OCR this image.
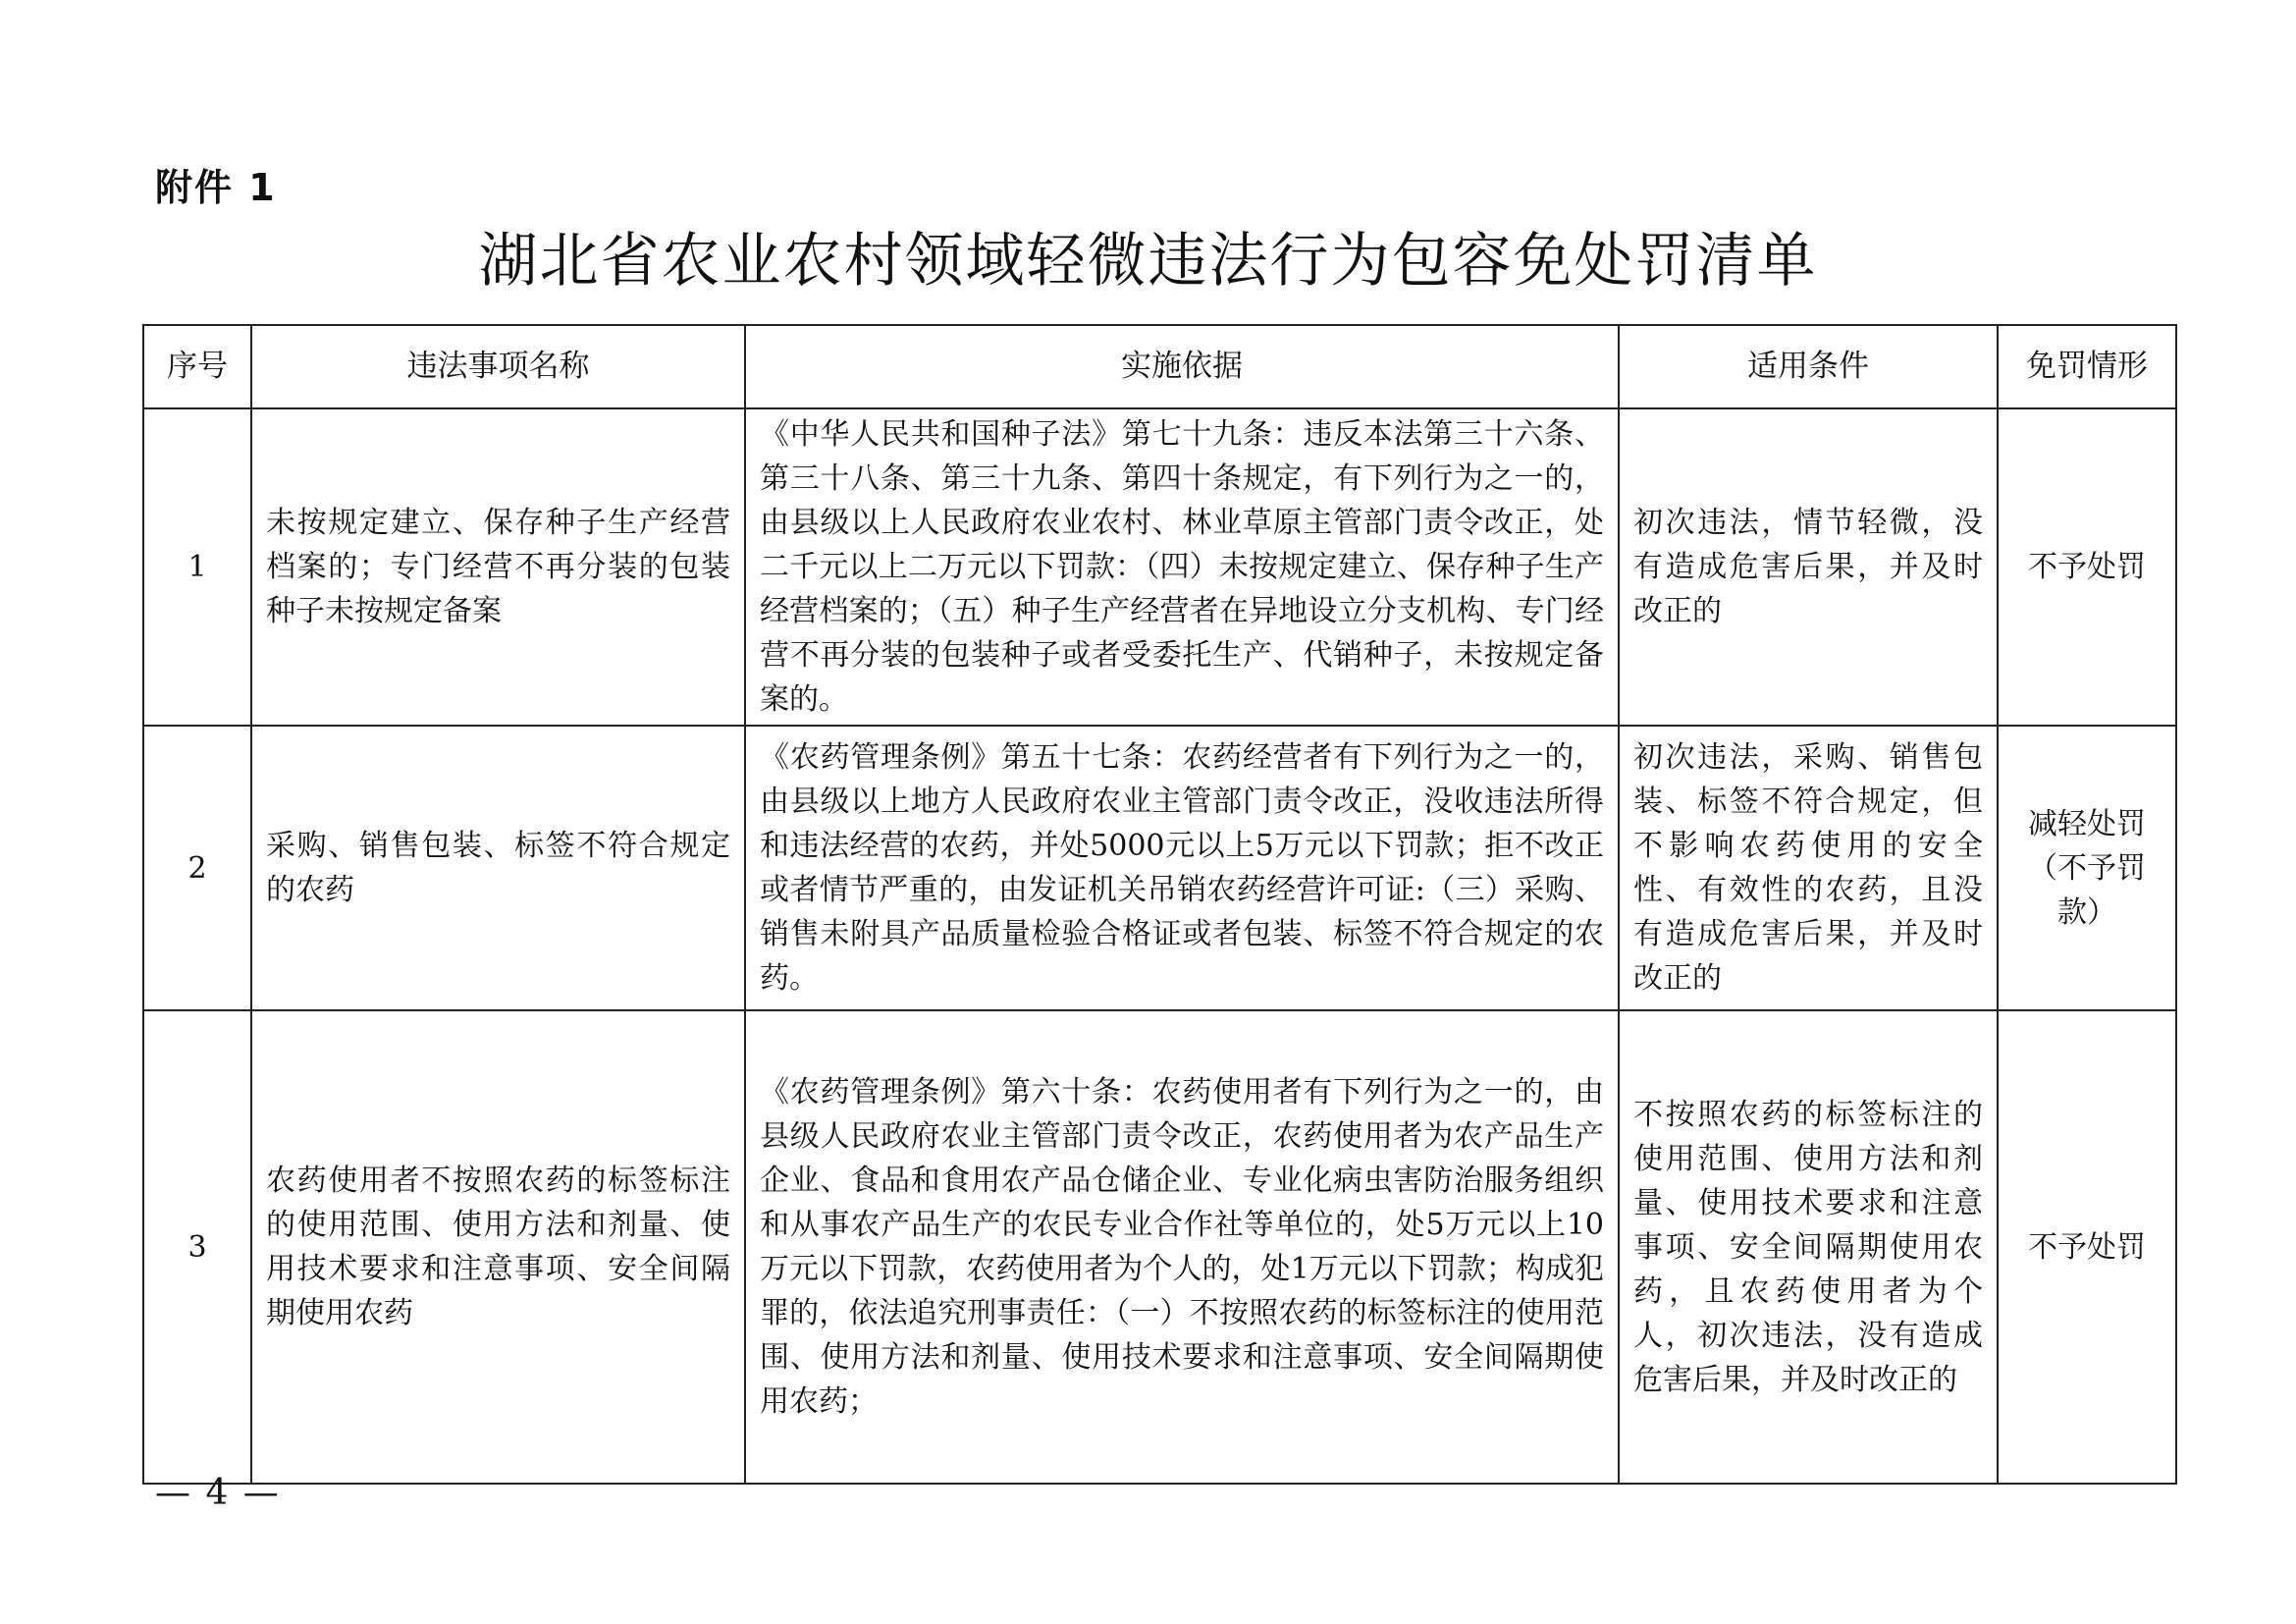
附件 1
湖北省农业农村领域轻微违法行为包容免处罚清单
序号	违法事项名称	实施依据	适用条件	免罚情形
1	未按规定建立、保存种子生产经营档案的；专门经营不再分装的包装种子未按规定备案	《中华人民共和国种子法》第七十九条：违反本法第三十六条、第三十八条、第三十九条、第四十条规定，有下列行为之一的，由县级以上人民政府农业农村、林业草原主管部门责令改正，处二千元以上二万元以下罚款：（四）未按规定建立、保存种子生产经营档案的；（五）种子生产经营者在异地设立分支机构、专门经营不再分装的包装种子或者受委托生产、代销种子，未按规定备案的。	初次违法，情节轻微，没有造成危害后果，并及时改正的	不予处罚
2	采购、销售包装、标签不符合规定的农药	《农药管理条例》第五十七条：农药经营者有下列行为之一的，由县级以上地方人民政府农业主管部门责令改正，没收违法所得和违法经营的农药，并处5000元以上5万元以下罚款；拒不改正或者情节严重的，由发证机关吊销农药经营许可证:（三）采购、销售未附具产品质量检验合格证或者包装、标签不符合规定的农药。	初次违法，采购、销售包装、标签不符合规定，但不影响农药使用的安全性、有效性的农药，且没有造成危害后果，并及时改正的	减轻处罚（不予罚款）
3	农药使用者不按照农药的标签标注的使用范围、使用方法和剂量、使用技术要求和注意事项、安全间隔期使用农药	《农药管理条例》第六十条：农药使用者有下列行为之一的，由县级人民政府农业主管部门责令改正，农药使用者为农产品生产企业、食品和食用农产品仓储企业、专业化病虫害防治服务组织和从事农产品生产的农民专业合作社等单位的，处5万元以上10万元以下罚款，农药使用者为个人的，处1万元以下罚款；构成犯罪的，依法追究刑事责任：（一）不按照农药的标签标注的使用范围、使用方法和剂量、使用技术要求和注意事项、安全间隔期使用农药；	不按照农药的标签标注的使用范围、使用方法和剂量、使用技术要求和注意事项、安全间隔期使用农药，且农药使用者为个人，初次违法，没有造成危害后果，并及时改正的	不予处罚
— 4 —
